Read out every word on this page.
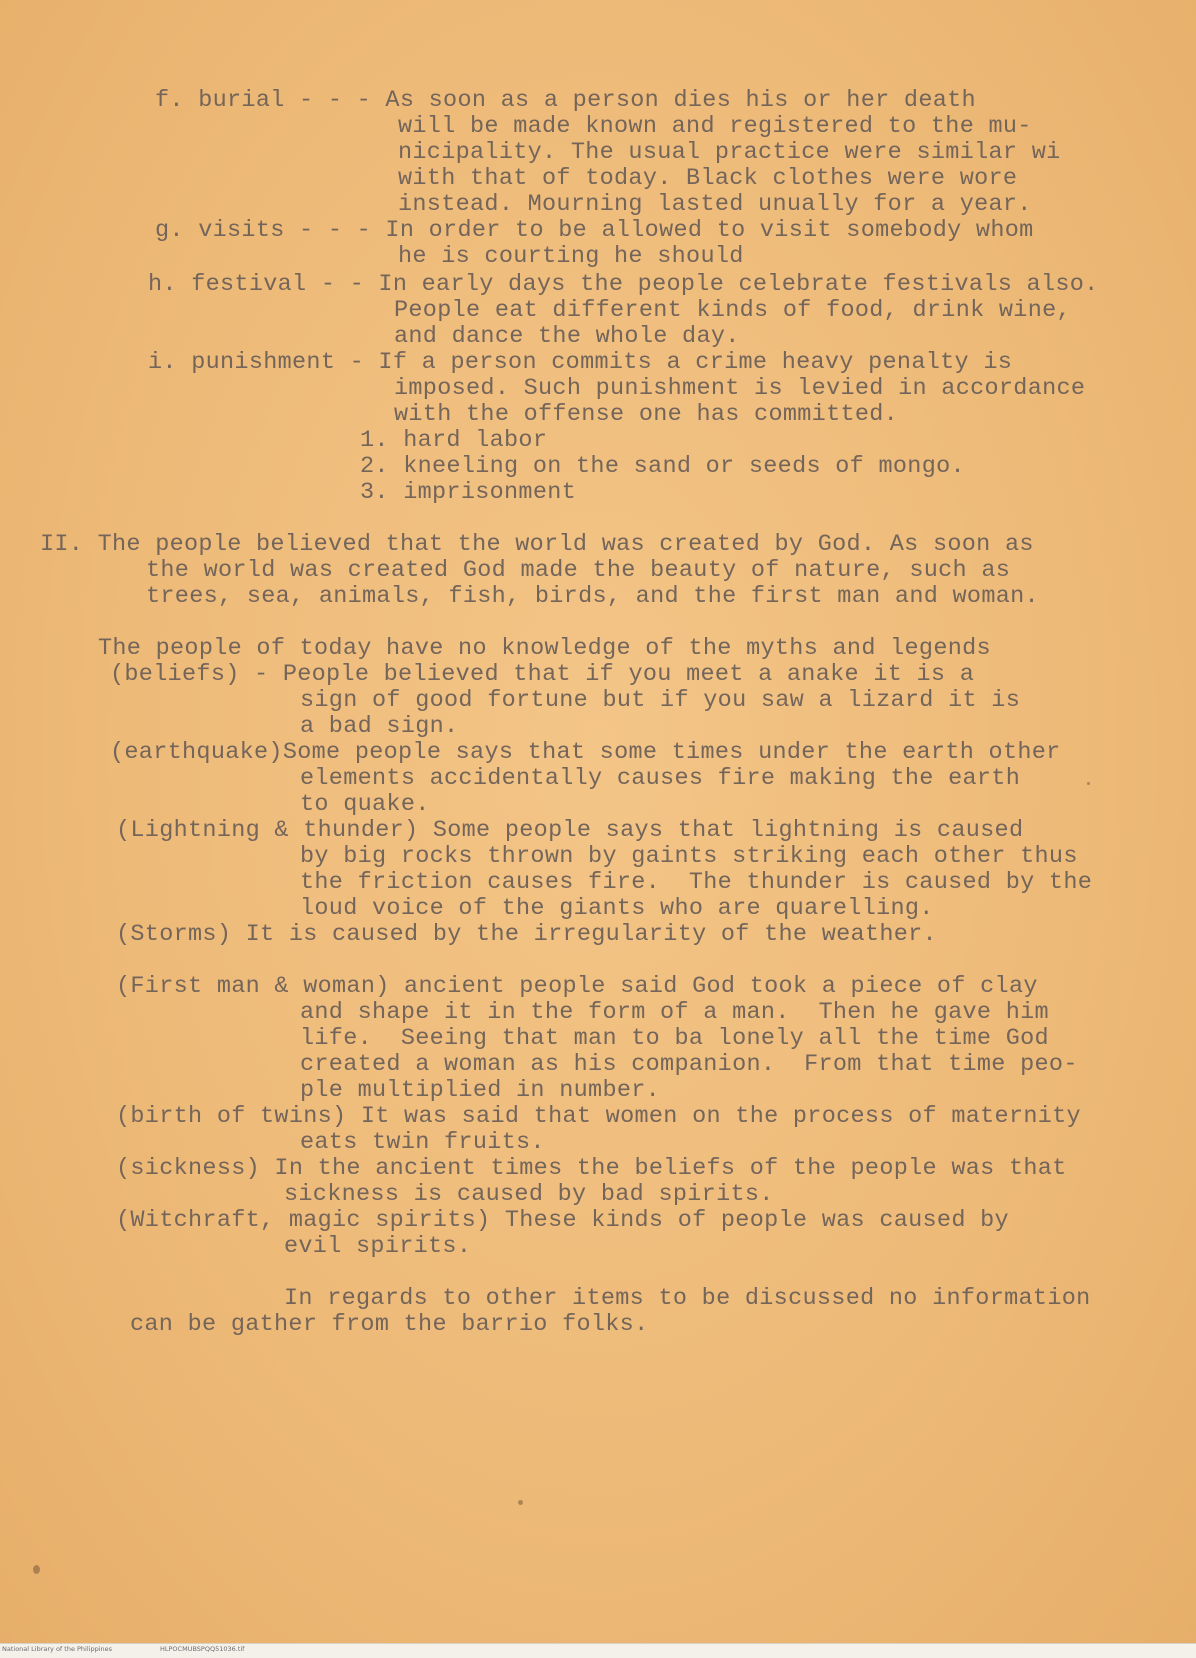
f. burial - - - As soon as a person dies his or her death

will be made known and registered to the mu-

nicipality. The usual practice were similar wi

with that of today. Black clothes were wore

instead. Mourning lasted unually for a year.

g. visits - - - In order to be allowed to visit somebody whom

he is courting he should

h. festival - - In early days the people celebrate festivals also.

People eat different kinds of food, drink wine,

and dance the whole day.

i. punishment - If a person commits a crime heavy penalty is

imposed. Such punishment is levied in accordance

with the offense one has committed.

1. hard labor

2. kneeling on the sand or seeds of mongo.

3. imprisonment

II. The people believed that the world was created by God. As soon as

the world was created God made the beauty of nature, such as

trees, sea, animals, fish, birds, and the first man and woman.

The people of today have no knowledge of the myths and legends

(beliefs) - People believed that if you meet a anake it is a

sign of good fortune but if you saw a lizard it is

a bad sign.

(earthquake)Some people says that some times under the earth other

elements accidentally causes fire making the earth

to quake.

(Lightning & thunder) Some people says that lightning is caused

by big rocks thrown by gaints striking each other thus

the friction causes fire.  The thunder is caused by the

loud voice of the giants who are quarelling.

(Storms) It is caused by the irregularity of the weather.

(First man & woman) ancient people said God took a piece of clay

and shape it in the form of a man.  Then he gave him

life.  Seeing that man to ba lonely all the time God

created a woman as his companion.  From that time peo-

ple multiplied in number.

(birth of twins) It was said that women on the process of maternity

eats twin fruits.

(sickness) In the ancient times the beliefs of the people was that

sickness is caused by bad spirits.

(Witchraft, magic spirits) These kinds of people was caused by

evil spirits.

In regards to other items to be discussed no information

can be gather from the barrio folks.

National Library of the Philippines	HLPOCMUBSPQQ51036.tif
